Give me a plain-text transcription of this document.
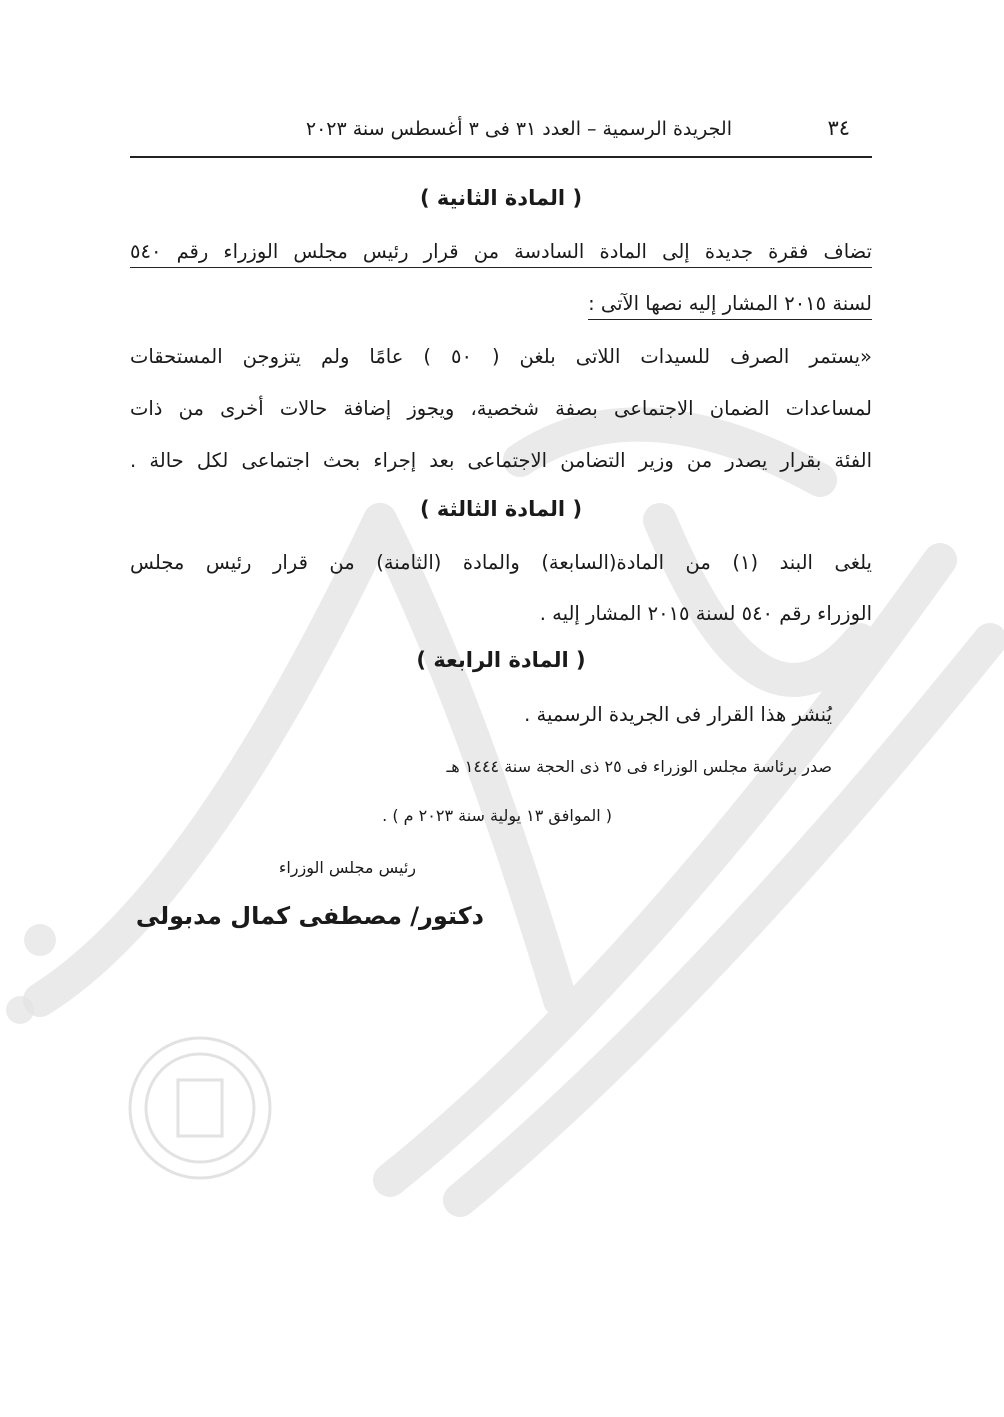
٣٤
الجريدة الرسمية – العدد ٣١ فى ٣ أغسطس سنة ٢٠٢٣
( المادة الثانية )
تضاف فقرة جديدة إلى المادة السادسة من قرار رئيس مجلس الوزراء رقم ٥٤٠
لسنة ٢٠١٥ المشار إليه نصها الآتى :
«يستمر الصرف للسيدات اللاتى بلغن ( ٥٠ ) عامًا ولم يتزوجن المستحقات
لمساعدات الضمان الاجتماعى بصفة شخصية، ويجوز إضافة حالات أخرى من ذات
الفئة بقرار يصدر من وزير التضامن الاجتماعى بعد إجراء بحث اجتماعى لكل حالة .
( المادة الثالثة )
يلغى البند (١) من المادة(السابعة) والمادة (الثامنة) من قرار رئيس مجلس
الوزراء رقم ٥٤٠ لسنة ٢٠١٥ المشار إليه .
( المادة الرابعة )
يُنشر هذا القرار فى الجريدة الرسمية .
صدر برئاسة مجلس الوزراء فى ٢٥ ذى الحجة سنة ١٤٤٤ هـ
( الموافق ١٣ يولية سنة ٢٠٢٣ م ) .
رئيس مجلس الوزراء
دكتور/ مصطفى كمال مدبولى
